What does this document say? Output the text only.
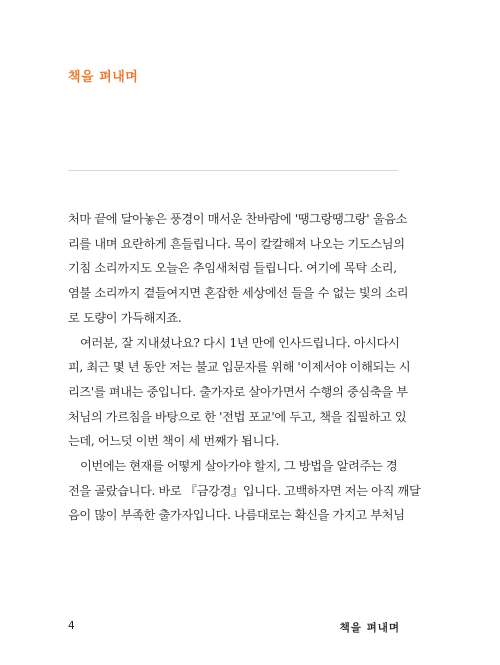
책을 펴내며
처마 끝에 달아놓은 풍경이 매서운 찬바람에 '땡그랑땡그랑' 울음소
리를 내며 요란하게 흔들립니다. 목이 칼칼해져 나오는 기도스님의
기침 소리까지도 오늘은 추임새처럼 들립니다. 여기에 목탁 소리,
염불 소리까지 곁들여지면 혼잡한 세상에선 들을 수 없는 빛의 소리
로 도량이 가득해지죠.
여러분, 잘 지내셨나요? 다시 1년 만에 인사드립니다. 아시다시
피, 최근 몇 년 동안 저는 불교 입문자를 위해 '이제서야 이해되는 시
리즈'를 펴내는 중입니다. 출가자로 살아가면서 수행의 중심축을 부
처님의 가르침을 바탕으로 한 '전법 포교'에 두고, 책을 집필하고 있
는데, 어느덧 이번 책이 세 번째가 됩니다.
이번에는 현재를 어떻게 살아가야 할지, 그 방법을 알려주는 경
전을 골랐습니다. 바로 『금강경』입니다. 고백하자면 저는 아직 깨달
음이 많이 부족한 출가자입니다. 나름대로는 확신을 가지고 부처님
4	책을 펴내며
